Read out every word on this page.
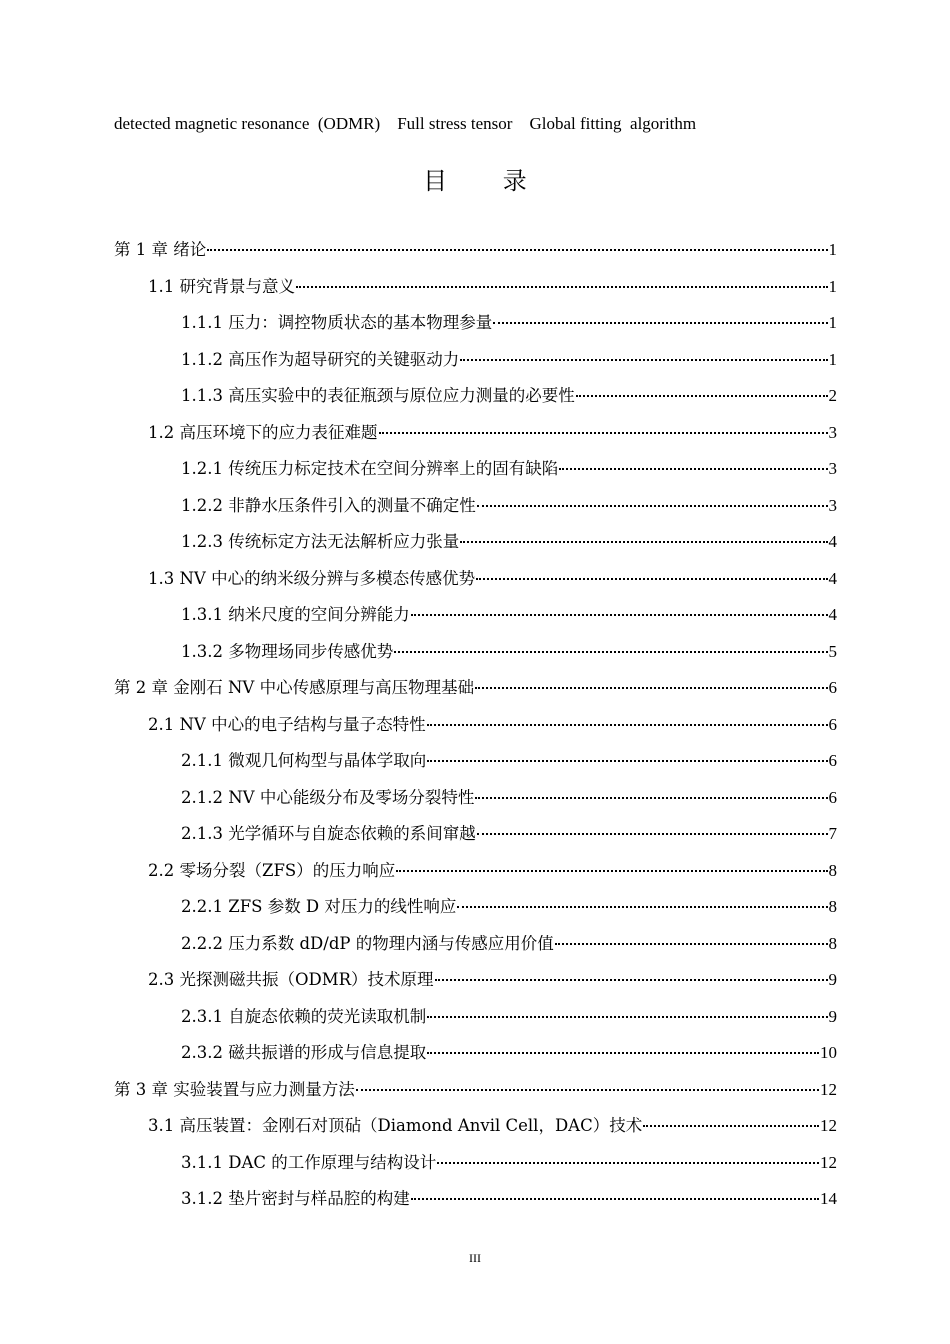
detected magnetic resonance  (ODMR)    Full stress tensor    Global fitting  algorithm
目 录
第 1 章 绪论	1
1.1 研究背景与意义	1
1.1.1 压力：调控物质状态的基本物理参量	1
1.1.2 高压作为超导研究的关键驱动力	1
1.1.3 高压实验中的表征瓶颈与原位应力测量的必要性	2
1.2 高压环境下的应力表征难题	3
1.2.1 传统压力标定技术在空间分辨率上的固有缺陷	3
1.2.2 非静水压条件引入的测量不确定性	3
1.2.3 传统标定方法无法解析应力张量	4
1.3 NV 中心的纳米级分辨与多模态传感优势	4
1.3.1 纳米尺度的空间分辨能力	4
1.3.2 多物理场同步传感优势	5
第 2 章 金刚石 NV 中心传感原理与高压物理基础	6
2.1 NV 中心的电子结构与量子态特性	6
2.1.1 微观几何构型与晶体学取向	6
2.1.2 NV 中心能级分布及零场分裂特性	6
2.1.3 光学循环与自旋态依赖的系间窜越	7
2.2 零场分裂（ZFS）的压力响应	8
2.2.1 ZFS 参数 D 对压力的线性响应	8
2.2.2 压力系数 dD/dP 的物理内涵与传感应用价值	8
2.3 光探测磁共振（ODMR）技术原理	9
2.3.1 自旋态依赖的荧光读取机制	9
2.3.2 磁共振谱的形成与信息提取	10
第 3 章 实验装置与应力测量方法	12
3.1 高压装置：金刚石对顶砧（Diamond Anvil Cell，DAC）技术	12
3.1.1 DAC 的工作原理与结构设计	12
3.1.2 垫片密封与样品腔的构建	14
III
